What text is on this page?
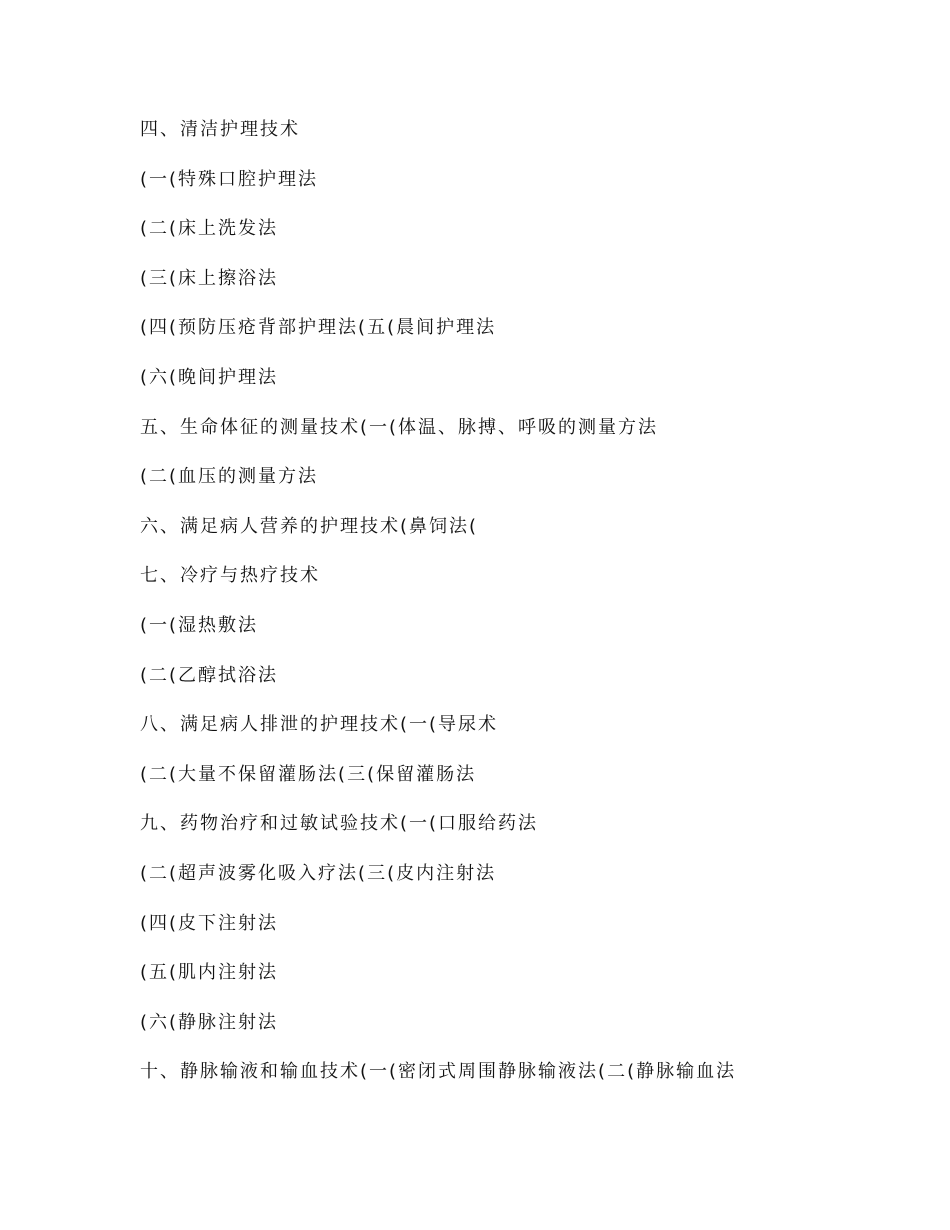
四、清洁护理技术
(一(特殊口腔护理法
(二(床上洗发法
(三(床上擦浴法
(四(预防压疮背部护理法(五(晨间护理法
(六(晚间护理法
五、生命体征的测量技术(一(体温、脉搏、呼吸的测量方法
(二(血压的测量方法
六、满足病人营养的护理技术(鼻饲法(
七、冷疗与热疗技术
(一(湿热敷法
(二(乙醇拭浴法
八、满足病人排泄的护理技术(一(导尿术
(二(大量不保留灌肠法(三(保留灌肠法
九、药物治疗和过敏试验技术(一(口服给药法
(二(超声波雾化吸入疗法(三(皮内注射法
(四(皮下注射法
(五(肌内注射法
(六(静脉注射法
十、静脉输液和输血技术(一(密闭式周围静脉输液法(二(静脉输血法
